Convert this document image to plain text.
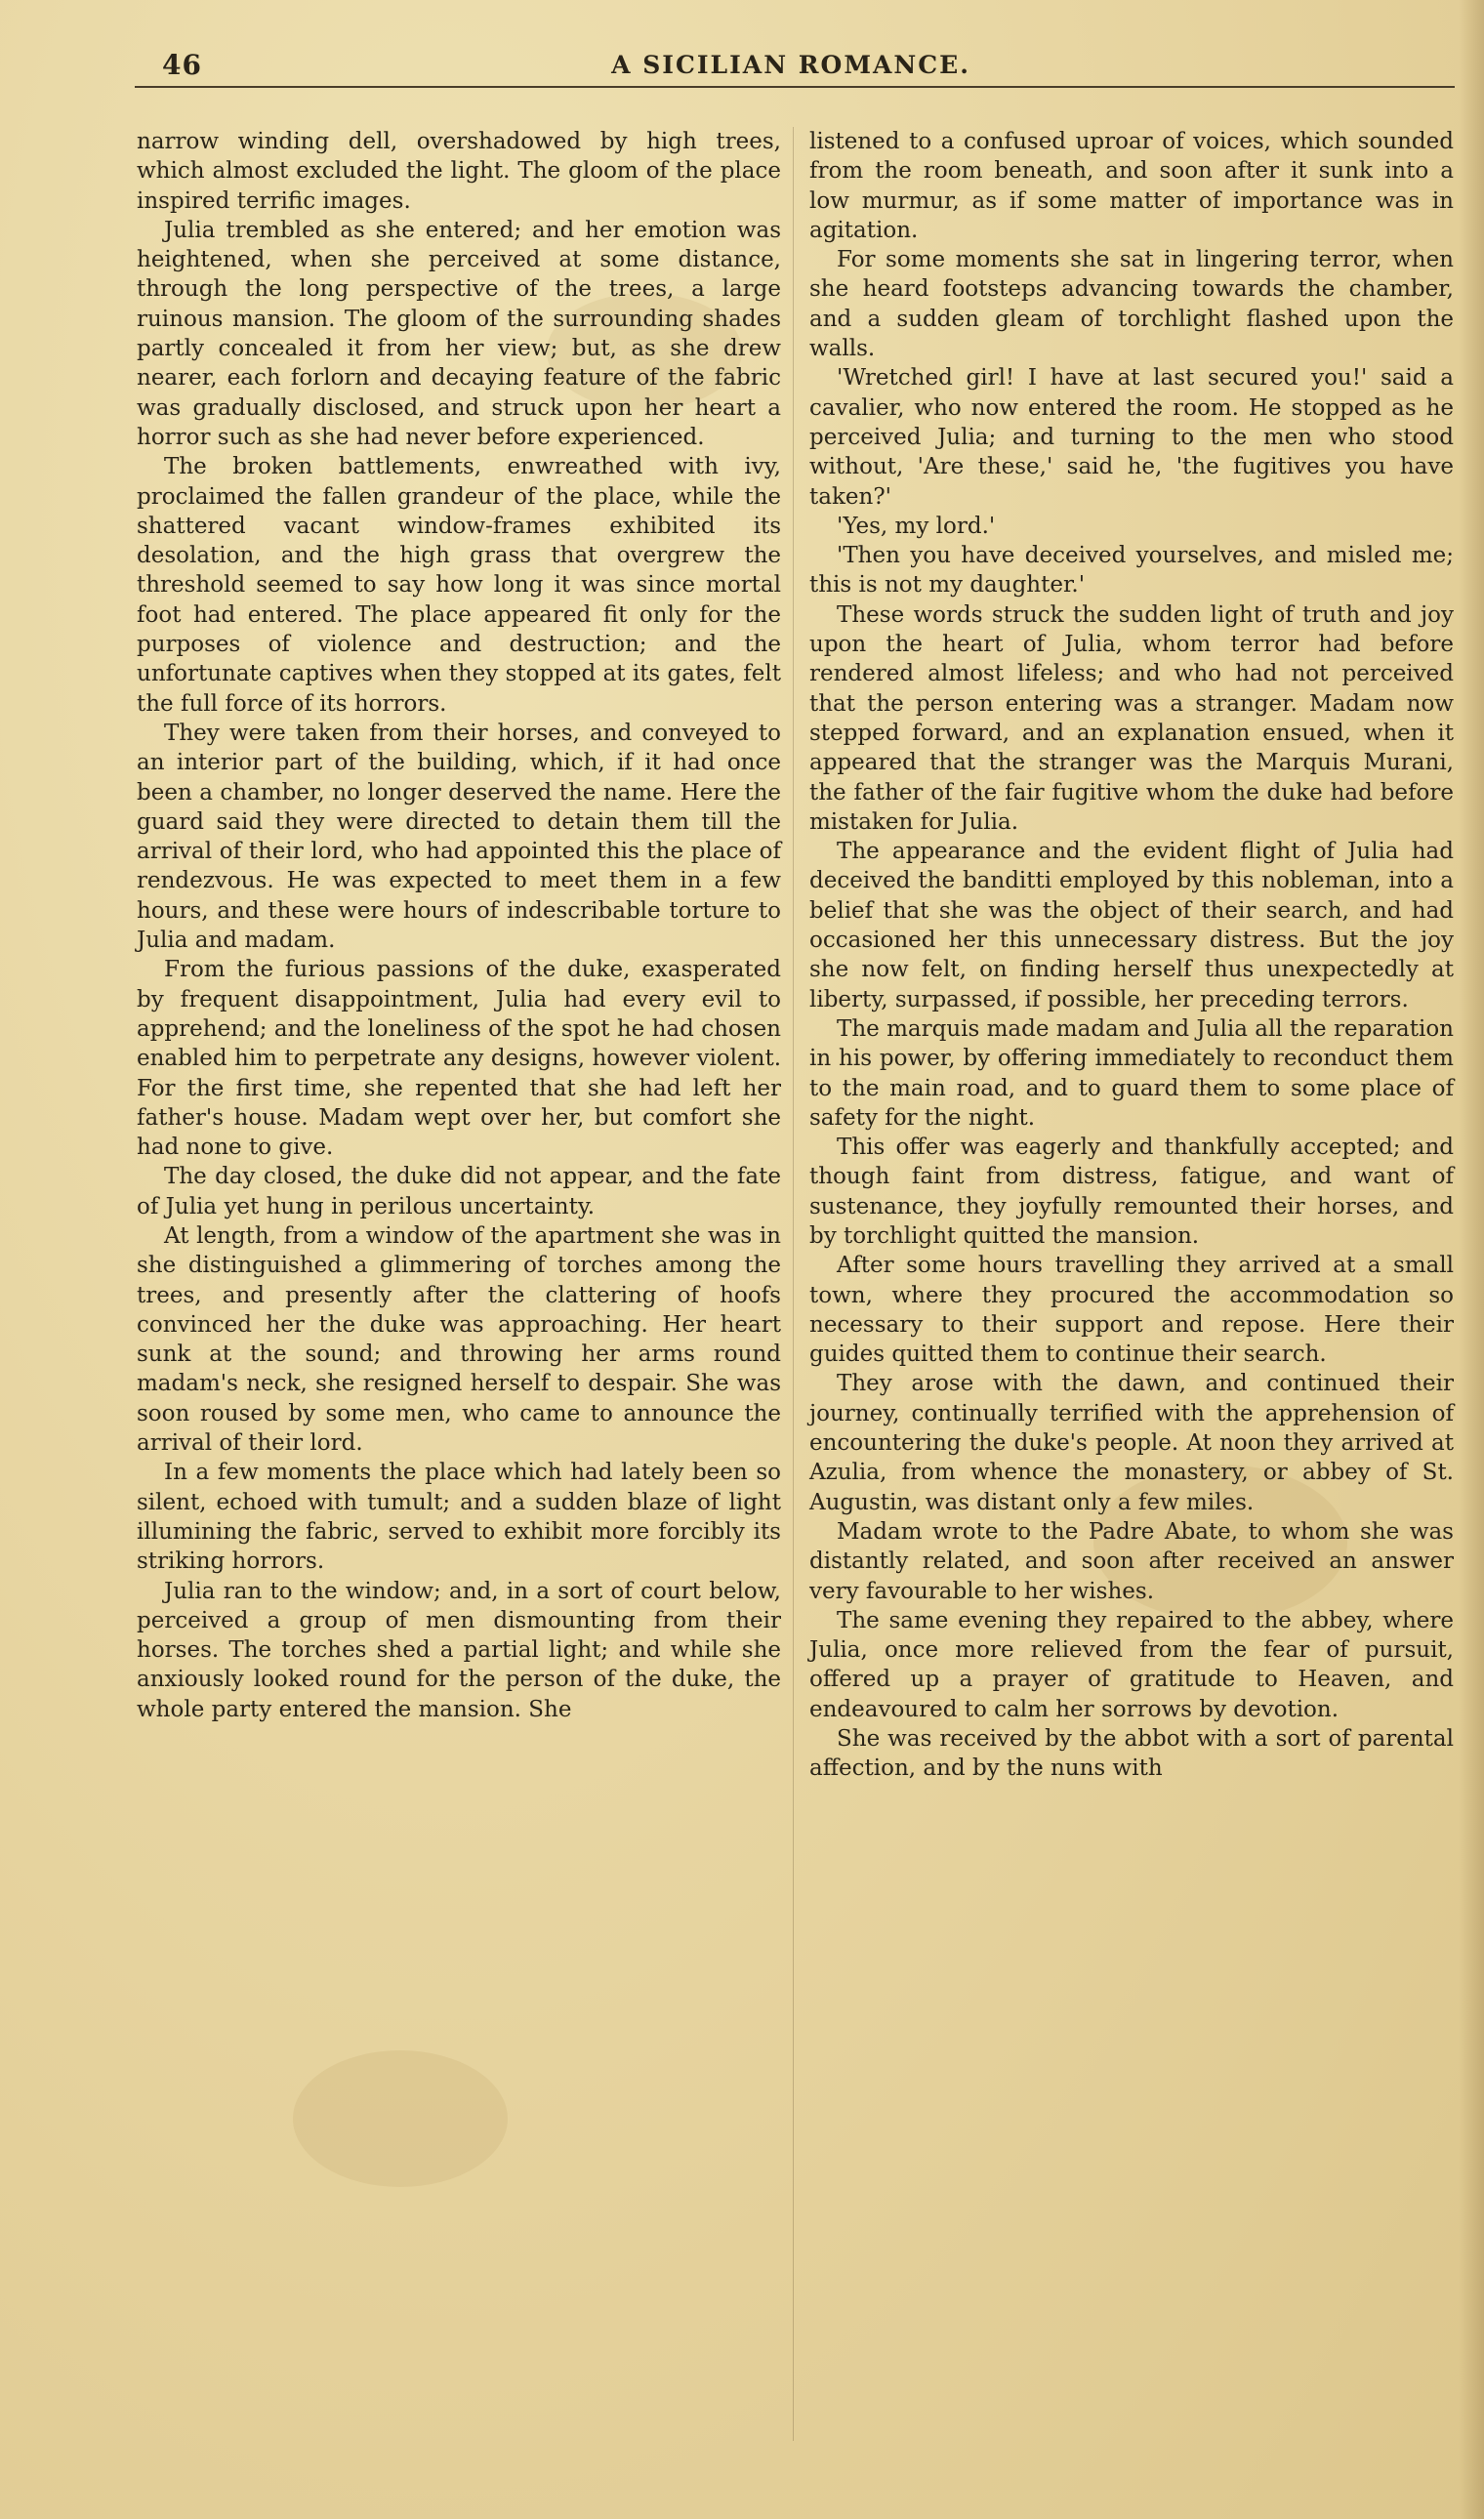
46	A SICILIAN ROMANCE.

narrow winding dell, overshadowed by high trees, which almost excluded the light. The gloom of the place inspired terrific images.

Julia trembled as she entered; and her emotion was heightened, when she perceived at some distance, through the long perspective of the trees, a large ruinous mansion. The gloom of the surrounding shades partly concealed it from her view; but, as she drew nearer, each forlorn and decaying feature of the fabric was gradually disclosed, and struck upon her heart a horror such as she had never before experienced.

The broken battlements, enwreathed with ivy, proclaimed the fallen grandeur of the place, while the shattered vacant window-frames exhibited its desolation, and the high grass that overgrew the threshold seemed to say how long it was since mortal foot had entered. The place appeared fit only for the purposes of violence and destruction; and the unfortunate captives when they stopped at its gates, felt the full force of its horrors.

They were taken from their horses, and conveyed to an interior part of the building, which, if it had once been a chamber, no longer deserved the name. Here the guard said they were directed to detain them till the arrival of their lord, who had appointed this the place of rendezvous. He was expected to meet them in a few hours, and these were hours of indescribable torture to Julia and madam.

From the furious passions of the duke, exasperated by frequent disappointment, Julia had every evil to apprehend; and the loneliness of the spot he had chosen enabled him to perpetrate any designs, however violent. For the first time, she repented that she had left her father's house. Madam wept over her, but comfort she had none to give.

The day closed, the duke did not appear, and the fate of Julia yet hung in perilous uncertainty.

At length, from a window of the apartment she was in she distinguished a glimmering of torches among the trees, and presently after the clattering of hoofs convinced her the duke was approaching. Her heart sunk at the sound; and throwing her arms round madam's neck, she resigned herself to despair. She was soon roused by some men, who came to announce the arrival of their lord.

In a few moments the place which had lately been so silent, echoed with tumult; and a sudden blaze of light illumining the fabric, served to exhibit more forcibly its striking horrors.

Julia ran to the window; and, in a sort of court below, perceived a group of men dismounting from their horses. The torches shed a partial light; and while she anxiously looked round for the person of the duke, the whole party entered the mansion. She

listened to a confused uproar of voices, which sounded from the room beneath, and soon after it sunk into a low murmur, as if some matter of importance was in agitation.

For some moments she sat in lingering terror, when she heard footsteps advancing towards the chamber, and a sudden gleam of torchlight flashed upon the walls.

'Wretched girl! I have at last secured you!' said a cavalier, who now entered the room. He stopped as he perceived Julia; and turning to the men who stood without, 'Are these,' said he, 'the fugitives you have taken?'

'Yes, my lord.'

'Then you have deceived yourselves, and misled me; this is not my daughter.'

These words struck the sudden light of truth and joy upon the heart of Julia, whom terror had before rendered almost lifeless; and who had not perceived that the person entering was a stranger. Madam now stepped forward, and an explanation ensued, when it appeared that the stranger was the Marquis Murani, the father of the fair fugitive whom the duke had before mistaken for Julia.

The appearance and the evident flight of Julia had deceived the banditti employed by this nobleman, into a belief that she was the object of their search, and had occasioned her this unnecessary distress. But the joy she now felt, on finding herself thus unexpectedly at liberty, surpassed, if possible, her preceding terrors.

The marquis made madam and Julia all the reparation in his power, by offering immediately to reconduct them to the main road, and to guard them to some place of safety for the night.

This offer was eagerly and thankfully accepted; and though faint from distress, fatigue, and want of sustenance, they joyfully remounted their horses, and by torchlight quitted the mansion.

After some hours travelling they arrived at a small town, where they procured the accommodation so necessary to their support and repose. Here their guides quitted them to continue their search.

They arose with the dawn, and continued their journey, continually terrified with the apprehension of encountering the duke's people. At noon they arrived at Azulia, from whence the monastery, or abbey of St. Augustin, was distant only a few miles.

Madam wrote to the Padre Abate, to whom she was distantly related, and soon after received an answer very favourable to her wishes.

The same evening they repaired to the abbey, where Julia, once more relieved from the fear of pursuit, offered up a prayer of gratitude to Heaven, and endeavoured to calm her sorrows by devotion.

She was received by the abbot with a sort of parental affection, and by the nuns with
